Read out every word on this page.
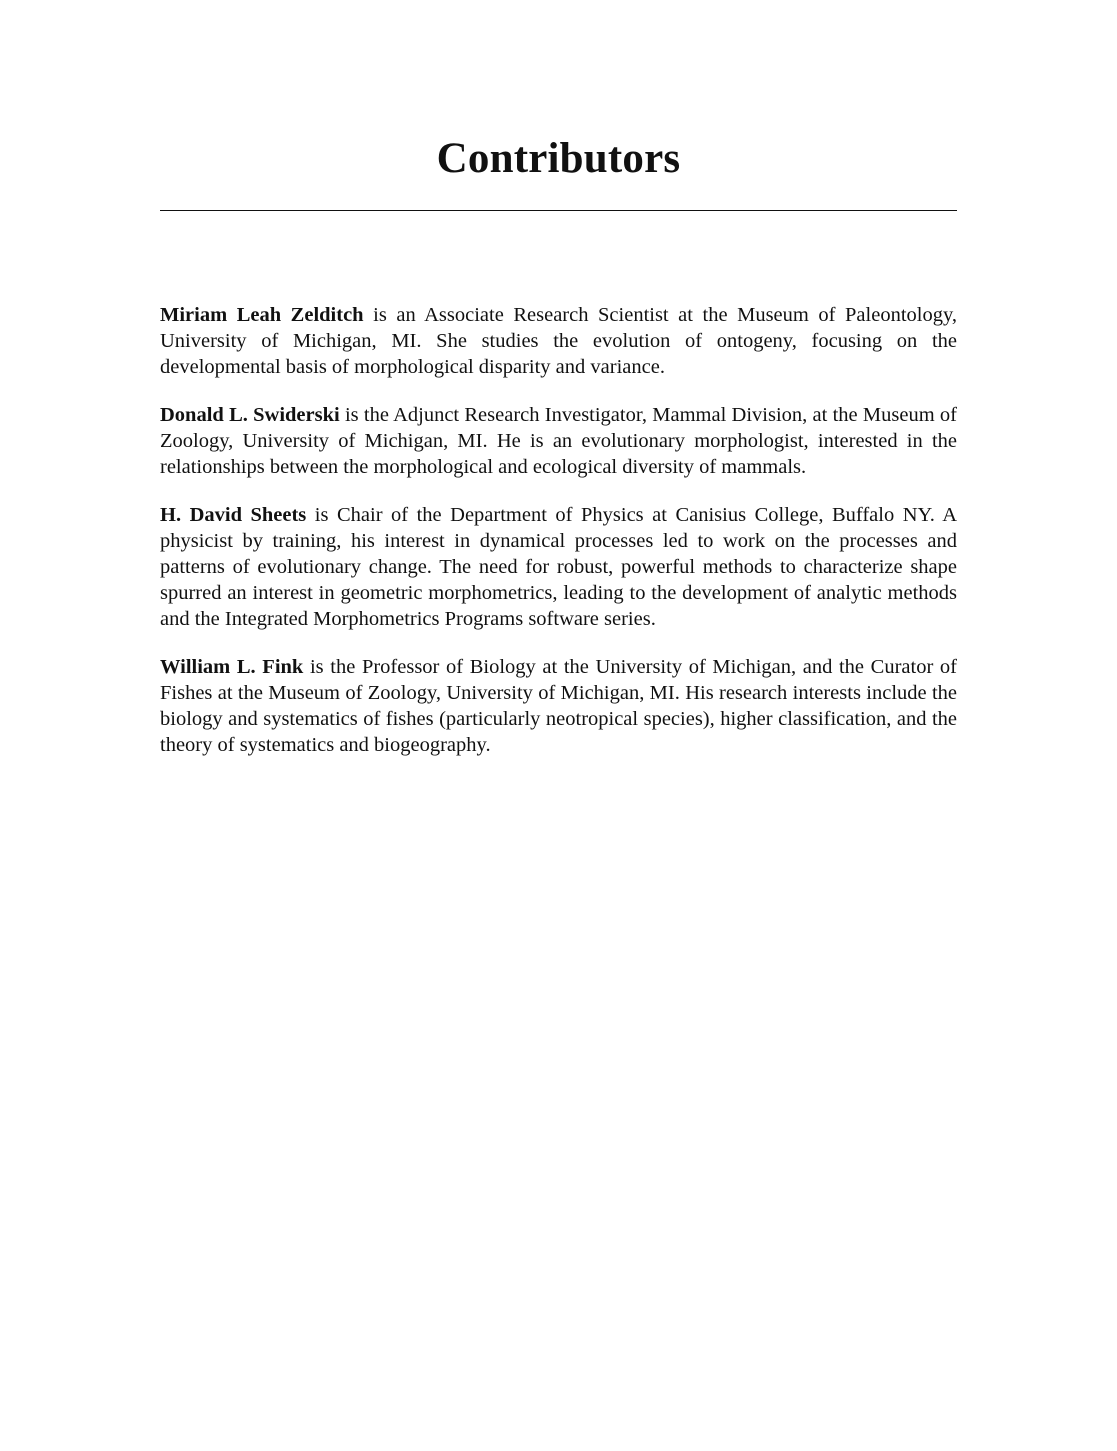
Contributors

Miriam Leah Zelditch is an Associate Research Scientist at the Museum of Paleontology, University of Michigan, MI. She studies the evolution of ontogeny, focusing on the developmental basis of morphological disparity and variance.

Donald L. Swiderski is the Adjunct Research Investigator, Mammal Division, at the Museum of Zoology, University of Michigan, MI. He is an evolutionary morphologist, interested in the relationships between the morphological and ecological diversity of mammals.

H. David Sheets is Chair of the Department of Physics at Canisius College, Buffalo NY. A physicist by training, his interest in dynamical processes led to work on the processes and patterns of evolutionary change. The need for robust, powerful methods to characterize shape spurred an interest in geometric morphometrics, leading to the development of analytic methods and the Integrated Morphometrics Programs software series.

William L. Fink is the Professor of Biology at the University of Michigan, and the Curator of Fishes at the Museum of Zoology, University of Michigan, MI. His research interests include the biology and systematics of fishes (particularly neotropical species), higher classification, and the theory of systematics and biogeography.
